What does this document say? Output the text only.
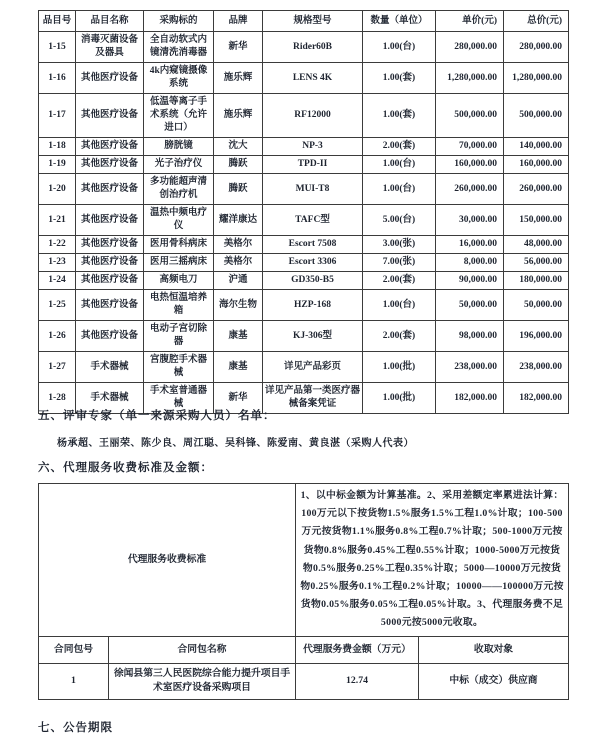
品目号	品目名称	采购标的	品牌	规格型号	数量（单位）	单价(元)	总价(元)
1-15	消毒灭菌设备及器具	全自动软式内镜清洗消毒器	新华	Rider60B	1.00(台)	280,000.00	280,000.00
1-16	其他医疗设备	4k内窥镜摄像系统	施乐辉	LENS 4K	1.00(套)	1,280,000.00	1,280,000.00
1-17	其他医疗设备	低温等离子手术系统（允许进口）	施乐辉	RF12000	1.00(套)	500,000.00	500,000.00
1-18	其他医疗设备	膀胱镜	沈大	NP-3	2.00(套)	70,000.00	140,000.00
1-19	其他医疗设备	光子治疗仪	腾跃	TPD-II	1.00(台)	160,000.00	160,000.00
1-20	其他医疗设备	多功能超声清创治疗机	腾跃	MUI-T8	1.00(台)	260,000.00	260,000.00
1-21	其他医疗设备	温热中频电疗仪	耀洋康达	TAFC型	5.00(台)	30,000.00	150,000.00
1-22	其他医疗设备	医用骨科病床	美格尔	Escort 7508	3.00(张)	16,000.00	48,000.00
1-23	其他医疗设备	医用三摇病床	美格尔	Escort 3306	7.00(张)	8,000.00	56,000.00
1-24	其他医疗设备	高频电刀	沪通	GD350-B5	2.00(套)	90,000.00	180,000.00
1-25	其他医疗设备	电热恒温培养箱	海尔生物	HZP-168	1.00(台)	50,000.00	50,000.00
1-26	其他医疗设备	电动子宫切除器	康基	KJ-306型	2.00(套)	98,000.00	196,000.00
1-27	手术器械	宫腹腔手术器械	康基	详见产品彩页	1.00(批)	238,000.00	238,000.00
1-28	手术器械	手术室普通器械	新华	详见产品第一类医疗器械备案凭证	1.00(批)	182,000.00	182,000.00
五、评审专家（单一来源采购人员）名单：
杨承超、王丽荣、陈少良、周江聪、吴科锋、陈爱南、黄良湛（采购人代表）
六、代理服务收费标准及金额：
代理服务收费标准		1、以中标金额为计算基准。2、采用差额定率累进法计算：100万元以下按货物1.5%服务1.5%工程1.0%计取；100-500万元按货物1.1%服务0.8%工程0.7%计取；500-1000万元按货物0.8%服务0.45%工程0.55%计取；1000-5000万元按货物0.5%服务0.25%工程0.35%计取；5000—10000万元按货物0.25%服务0.1%工程0.2%计取；10000——100000万元按货物0.05%服务0.05%工程0.05%计取。3、代理服务费不足5000元按5000元收取。	
合同包号	合同包名称	代理服务费金额（万元）	收取对象
1	徐闻县第三人民医院综合能力提升项目手术室医疗设备采购项目	12.74	中标（成交）供应商
七、公告期限
